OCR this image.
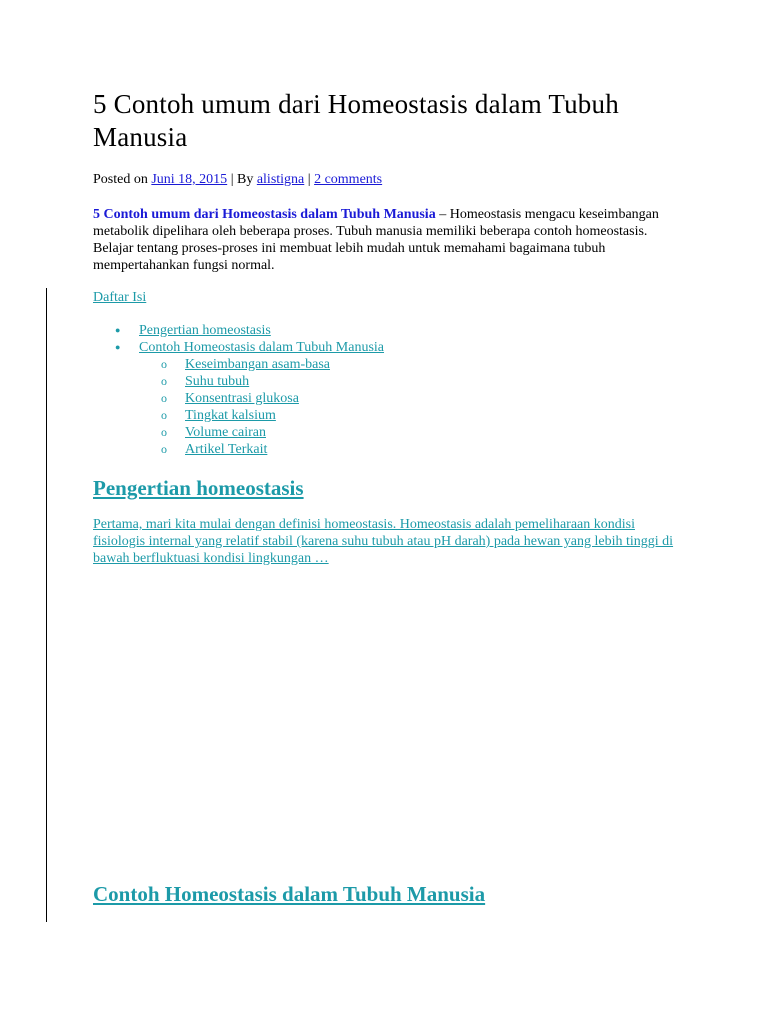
5 Contoh umum dari Homeostasis dalam Tubuh Manusia
Posted on Juni 18, 2015 | By alistigna | 2 comments

5 Contoh umum dari Homeostasis dalam Tubuh Manusia – Homeostasis mengacu keseimbangan metabolik dipelihara oleh beberapa proses. Tubuh manusia memiliki beberapa contoh homeostasis. Belajar tentang proses-proses ini membuat lebih mudah untuk memahami bagaimana tubuh mempertahankan fungsi normal.

Daftar Isi
● Pengertian homeostasis
● Contoh Homeostasis dalam Tubuh Manusia
o Keseimbangan asam-basa
o Suhu tubuh
o Konsentrasi glukosa
o Tingkat kalsium
o Volume cairan
o Artikel Terkait
Pengertian homeostasis

Pertama, mari kita mulai dengan definisi homeostasis. Homeostasis adalah pemeliharaan kondisi fisiologis internal yang relatif stabil (karena suhu tubuh atau pH darah) pada hewan yang lebih tinggi di bawah berfluktuasi kondisi lingkungan …

Contoh Homeostasis dalam Tubuh Manusia
